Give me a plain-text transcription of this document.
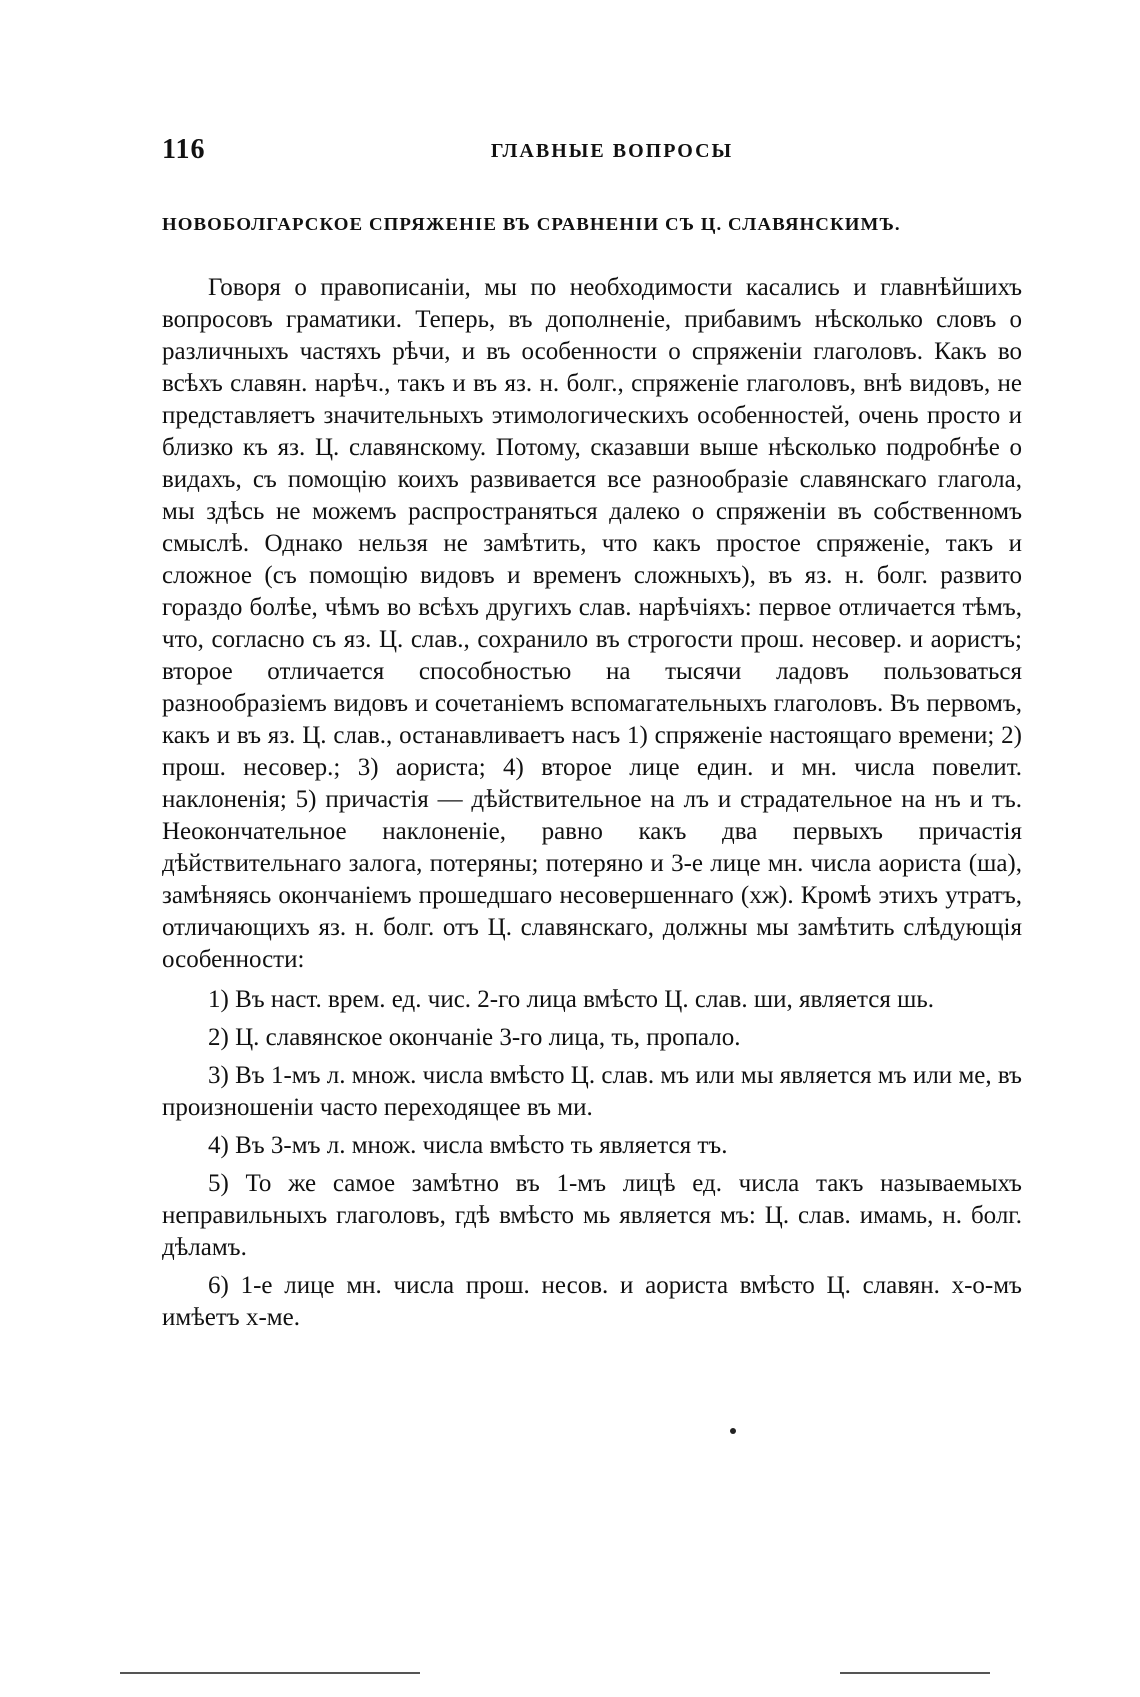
116	ГЛАВНЫЕ ВОПРОСЫ
НОВОБОЛГАРСКОЕ СПРЯЖЕНІЕ ВЪ СРАВНЕНІИ СЪ Ц. СЛАВЯНСКИМЪ.

Говоря о правописаніи, мы по необходимости касались и главнѣйшихъ вопросовъ граматики. Теперь, въ дополненіе, прибавимъ нѣсколько словъ о различныхъ частяхъ рѣчи, и въ особенности о спряженіи глаголовъ. Какъ во всѣхъ славян. нарѣч., такъ и въ яз. н. болг., спряженіе глаголовъ, внѣ видовъ, не представляетъ значительныхъ этимологическихъ особенностей, очень просто и близко къ яз. Ц. славянскому. Потому, сказавши выше нѣсколько подробнѣе о видахъ, съ помощію коихъ развивается все разнообразіе славянскаго глагола, мы здѣсь не можемъ распространяться далеко о спряженіи въ собственномъ смыслѣ. Однако нельзя не замѣтить, что какъ простое спряженіе, такъ и сложное (съ помощію видовъ и временъ сложныхъ), въ яз. н. болг. развито гораздо болѣе, чѣмъ во всѣхъ другихъ слав. нарѣчіяхъ: первое отличается тѣмъ, что, согласно съ яз. Ц. слав., сохранило въ строгости прош. несовер. и аористъ; второе отличается способностью на тысячи ладовъ пользоваться разнообразіемъ видовъ и сочетаніемъ вспомагательныхъ глаголовъ. Въ первомъ, какъ и въ яз. Ц. слав., останавливаетъ насъ 1) спряженіе настоящаго времени; 2) прош. несовер.; 3) аориста; 4) второе лице един. и мн. числа повелит. наклоненія; 5) причастія — дѣйствительное на лъ и страдательное на нъ и тъ. Неокончательное наклоненіе, равно какъ два первыхъ причастія дѣйствительнаго залога, потеряны; потеряно и 3-е лице мн. числа аориста (ша), замѣняясь окончаніемъ прошедшаго несовершеннаго (хж). Кромѣ этихъ утратъ, отличающихъ яз. н. болг. отъ Ц. славянскаго, должны мы замѣтить слѣдующія особенности:

1) Въ наст. врем. ед. чис. 2-го лица вмѣсто Ц. слав. ши, является шь.

2) Ц. славянское окончаніе 3-го лица, ть, пропало.

3) Въ 1-мъ л. множ. числа вмѣсто Ц. слав. мъ или мы является мъ или ме, въ произношеніи часто переходящее въ ми.

4) Въ 3-мъ л. множ. числа вмѣсто ть является тъ.

5) То же самое замѣтно въ 1-мъ лицѣ ед. числа такъ называемыхъ неправильныхъ глаголовъ, гдѣ вмѣсто мь является мъ: Ц. слав. имамь, н. болг. дѣламъ.

6) 1-е лице мн. числа прош. несов. и аориста вмѣсто Ц. славян. х-о-мъ имѣетъ х-ме.
